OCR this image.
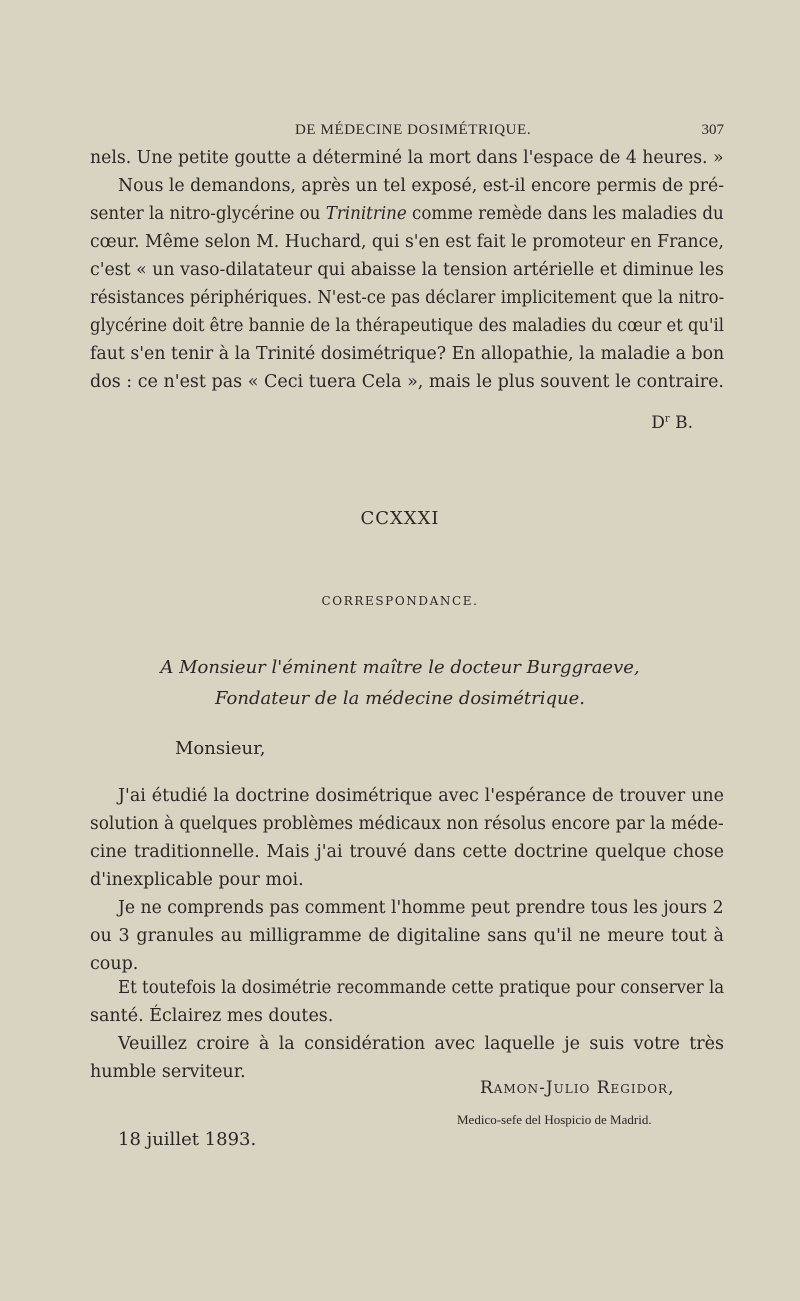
DE MÉDECINE DOSIMÉTRIQUE.	307
nels. Une petite goutte a déterminé la mort dans l'espace de 4 heures. »
Nous le demandons, après un tel exposé, est-il encore permis de pré-
senter la nitro-glycérine ou Trinitrine comme remède dans les maladies du
cœur. Même selon M. Huchard, qui s'en est fait le promoteur en France,
c'est « un vaso-dilatateur qui abaisse la tension artérielle et diminue les
résistances périphériques. N'est-ce pas déclarer implicitement que la nitro-
glycérine doit être bannie de la thérapeutique des maladies du cœur et qu'il
faut s'en tenir à la Trinité dosimétrique? En allopathie, la maladie a bon
dos : ce n'est pas « Ceci tuera Cela », mais le plus souvent le contraire.
$D^r$ B.
CCXXXI
CORRESPONDANCE.
A Monsieur l'éminent maître le docteur Burggraeve,
Fondateur de la médecine dosimétrique.
Monsieur,
J'ai étudié la doctrine dosimétrique avec l'espérance de trouver une
solution à quelques problèmes médicaux non résolus encore par la méde-
cine traditionnelle. Mais j'ai trouvé dans cette doctrine quelque chose
d'inexplicable pour moi.
Je ne comprends pas comment l'homme peut prendre tous les jours 2
ou 3 granules au milligramme de digitaline sans qu'il ne meure tout à
coup.
Et toutefois la dosimétrie recommande cette pratique pour conserver la
santé. Éclairez mes doutes.
Veuillez croire à la considération avec laquelle je suis votre très
humble serviteur.
Ramon-Julio Regidor,
Medico-sefe del Hospicio de Madrid.
18 juillet 1893.
